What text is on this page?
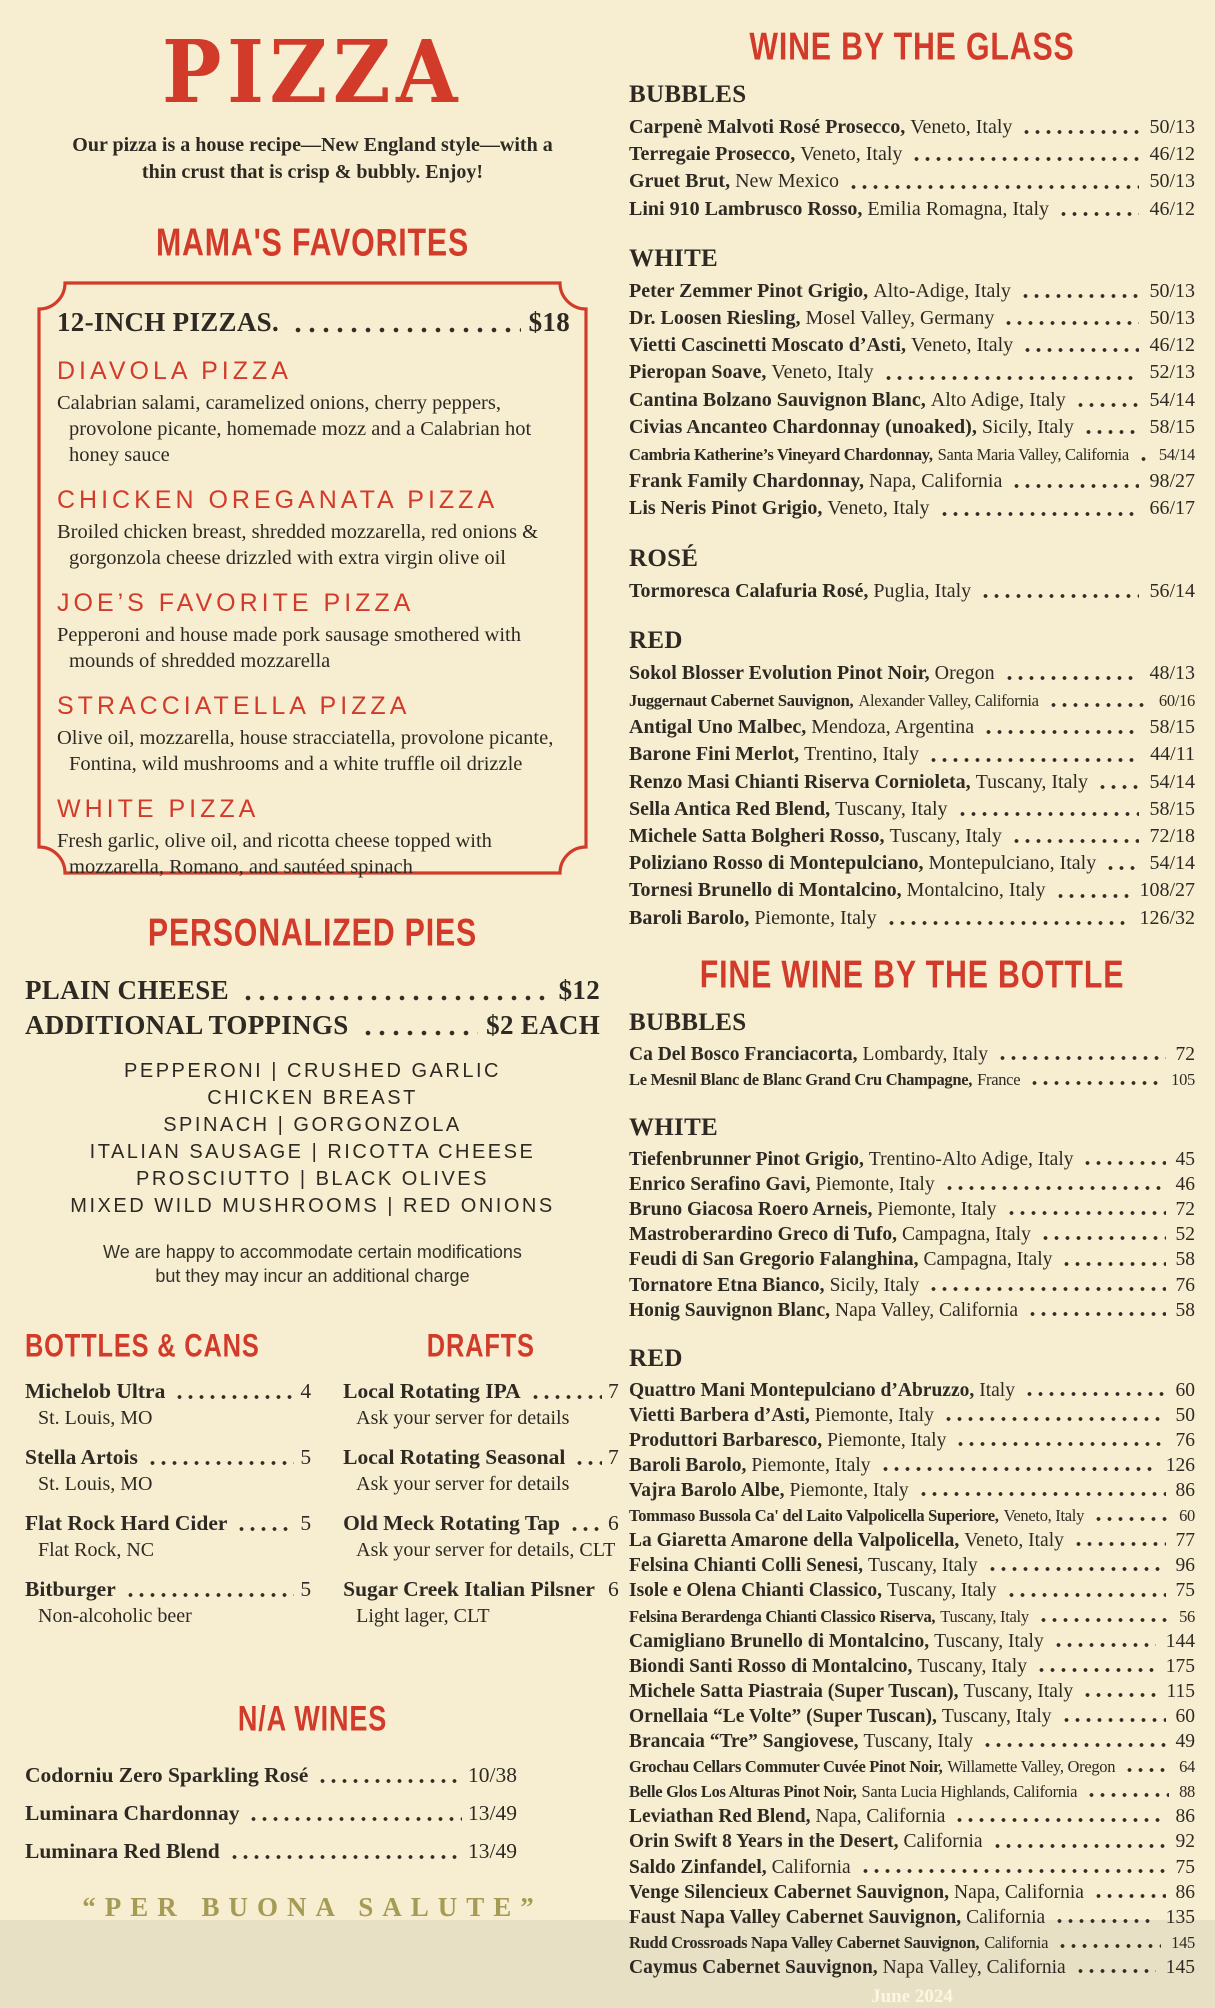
PIZZA
Our pizza is a house recipe—New England style—with a
thin crust that is crisp & bubbly. Enjoy!
MAMA'S FAVORITES
12-INCH PIZZAS.	$18
DIAVOLA PIZZA
Calabrian salami, caramelized onions, cherry peppers, provolone picante, homemade mozz and a Calabrian hot honey sauce
CHICKEN OREGANATA PIZZA
Broiled chicken breast, shredded mozzarella, red onions & gorgonzola cheese drizzled with extra virgin olive oil
JOE’S FAVORITE PIZZA
Pepperoni and house made pork sausage smothered with mounds of shredded mozzarella
STRACCIATELLA PIZZA
Olive oil, mozzarella, house stracciatella, provolone picante, Fontina, wild mushrooms and a white truffle oil drizzle
WHITE PIZZA
Fresh garlic, olive oil, and ricotta cheese topped with mozzarella, Romano, and sautéed spinach
PERSONALIZED PIES
PLAIN CHEESE	$12
ADDITIONAL TOPPINGS	$2 EACH
PEPPERONI | CRUSHED GARLIC
CHICKEN BREAST
SPINACH | GORGONZOLA
ITALIAN SAUSAGE | RICOTTA CHEESE
PROSCIUTTO | BLACK OLIVES
MIXED WILD MUSHROOMS | RED ONIONS
We are happy to accommodate certain modifications
but they may incur an additional charge
BOTTLES & CANS
Michelob Ultra	4
St. Louis, MO
Stella Artois	5
St. Louis, MO
Flat Rock Hard Cider	5
Flat Rock, NC
Bitburger	5
Non-alcoholic beer
DRAFTS
Local Rotating IPA	7
Ask your server for details
Local Rotating Seasonal 7
Ask your server for details
Old Meck Rotating Tap 6
Ask your server for details, CLT
Sugar Creek Italian Pilsner 6
Light lager, CLT
N/A WINES
Codorniu Zero Sparkling Rosé	10/38
Luminara Chardonnay	13/49
Luminara Red Blend	13/49
“PER BUONA SALUTE”
WINE BY THE GLASS
BUBBLES
Carpenè Malvoti Rosé Prosecco, Veneto, Italy	50/13
Terregaie Prosecco, Veneto, Italy	46/12
Gruet Brut, New Mexico	50/13
Lini 910 Lambrusco Rosso, Emilia Romagna, Italy	46/12
WHITE
Peter Zemmer Pinot Grigio, Alto-Adige, Italy	50/13
Dr. Loosen Riesling, Mosel Valley, Germany	50/13
Vietti Cascinetti Moscato d’Asti, Veneto, Italy	46/12
Pieropan Soave, Veneto, Italy	52/13
Cantina Bolzano Sauvignon Blanc, Alto Adige, Italy	54/14
Civias Ancanteo Chardonnay (unoaked), Sicily, Italy	58/15
Cambria Katherine’s Vineyard Chardonnay, Santa Maria Valley, California 54/14
Frank Family Chardonnay, Napa, California	98/27
Lis Neris Pinot Grigio, Veneto, Italy	66/17
ROSÉ
Tormoresca Calafuria Rosé, Puglia, Italy	56/14
RED
Sokol Blosser Evolution Pinot Noir, Oregon	48/13
Juggernaut Cabernet Sauvignon, Alexander Valley, California	60/16
Antigal Uno Malbec, Mendoza, Argentina	58/15
Barone Fini Merlot, Trentino, Italy	44/11
Renzo Masi Chianti Riserva Cornioleta, Tuscany, Italy	54/14
Sella Antica Red Blend, Tuscany, Italy	58/15
Michele Satta Bolgheri Rosso, Tuscany, Italy	72/18
Poliziano Rosso di Montepulciano, Montepulciano, Italy	54/14
Tornesi Brunello di Montalcino, Montalcino, Italy	108/27
Baroli Barolo, Piemonte, Italy	126/32
FINE WINE BY THE BOTTLE
BUBBLES
Ca Del Bosco Franciacorta, Lombardy, Italy	72
Le Mesnil Blanc de Blanc Grand Cru Champagne, France	105
WHITE
Tiefenbrunner Pinot Grigio, Trentino-Alto Adige, Italy	45
Enrico Serafino Gavi, Piemonte, Italy	46
Bruno Giacosa Roero Arneis, Piemonte, Italy	72
Mastroberardino Greco di Tufo, Campagna, Italy	52
Feudi di San Gregorio Falanghina, Campagna, Italy	58
Tornatore Etna Bianco, Sicily, Italy	76
Honig Sauvignon Blanc, Napa Valley, California	58
RED
Quattro Mani Montepulciano d’Abruzzo, Italy	60
Vietti Barbera d’Asti, Piemonte, Italy	50
Produttori Barbaresco, Piemonte, Italy	76
Baroli Barolo, Piemonte, Italy	126
Vajra Barolo Albe, Piemonte, Italy	86
Tommaso Bussola Ca' del Laito Valpolicella Superiore, Veneto, Italy	60
La Giaretta Amarone della Valpolicella, Veneto, Italy	77
Felsina Chianti Colli Senesi, Tuscany, Italy	96
Isole e Olena Chianti Classico, Tuscany, Italy	75
Felsina Berardenga Chianti Classico Riserva, Tuscany, Italy	56
Camigliano Brunello di Montalcino, Tuscany, Italy	144
Biondi Santi Rosso di Montalcino, Tuscany, Italy	175
Michele Satta Piastraia (Super Tuscan), Tuscany, Italy	115
Ornellaia “Le Volte” (Super Tuscan), Tuscany, Italy	60
Brancaia “Tre” Sangiovese, Tuscany, Italy	49
Grochau Cellars Commuter Cuvée Pinot Noir, Willamette Valley, Oregon	64
Belle Glos Los Alturas Pinot Noir, Santa Lucia Highlands, California	88
Leviathan Red Blend, Napa, California	86
Orin Swift 8 Years in the Desert, California	92
Saldo Zinfandel, California	75
Venge Silencieux Cabernet Sauvignon, Napa, California	86
Faust Napa Valley Cabernet Sauvignon, California	135
Rudd Crossroads Napa Valley Cabernet Sauvignon, California	145
Caymus Cabernet Sauvignon, Napa Valley, California	145
June 2024
